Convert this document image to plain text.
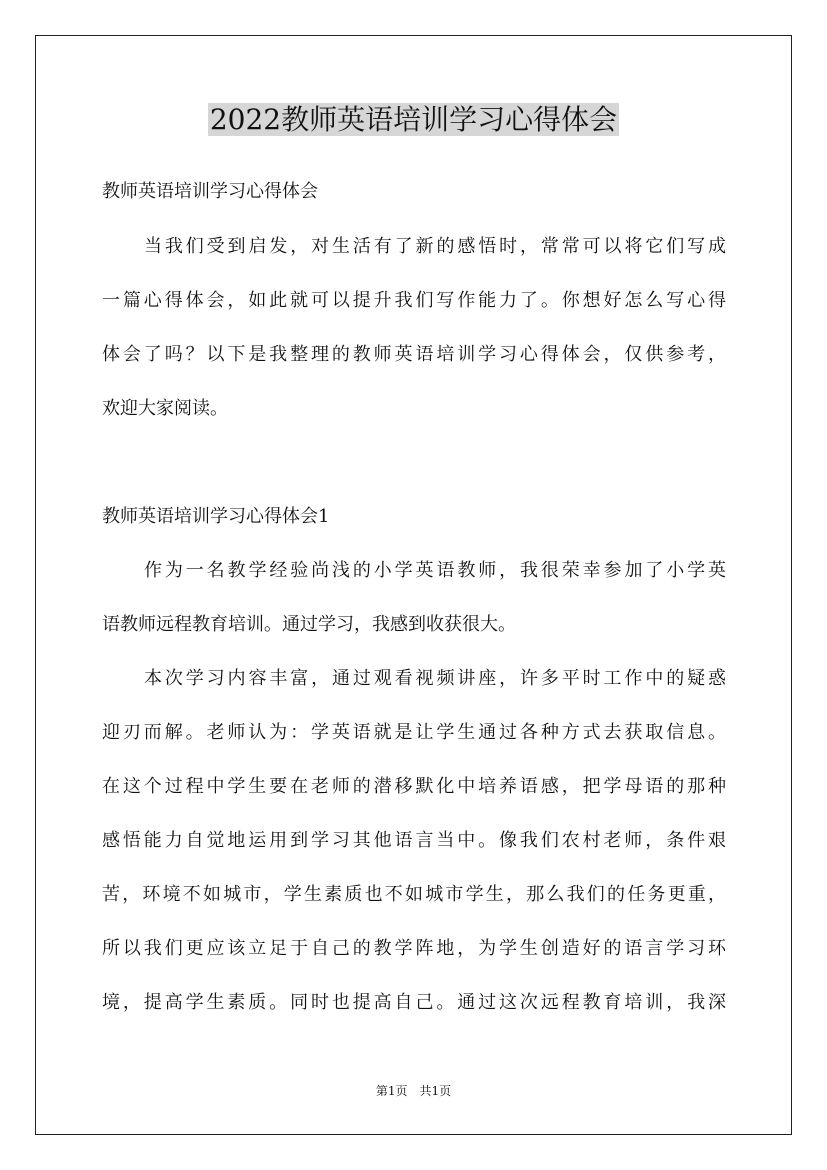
2022教师英语培训学习心得体会

教师英语培训学习心得体会

当我们受到启发，对生活有了新的感悟时，常常可以将它们写成

一篇心得体会，如此就可以提升我们写作能力了。你想好怎么写心得

体会了吗？以下是我整理的教师英语培训学习心得体会，仅供参考，

欢迎大家阅读。

教师英语培训学习心得体会1

作为一名教学经验尚浅的小学英语教师，我很荣幸参加了小学英

语教师远程教育培训。通过学习，我感到收获很大。

本次学习内容丰富，通过观看视频讲座，许多平时工作中的疑惑

迎刃而解。老师认为：学英语就是让学生通过各种方式去获取信息。

在这个过程中学生要在老师的潜移默化中培养语感，把学母语的那种

感悟能力自觉地运用到学习其他语言当中。像我们农村老师，条件艰

苦，环境不如城市，学生素质也不如城市学生，那么我们的任务更重，

所以我们更应该立足于自己的教学阵地，为学生创造好的语言学习环

境，提高学生素质。同时也提高自己。通过这次远程教育培训，我深

第1页　共1页
